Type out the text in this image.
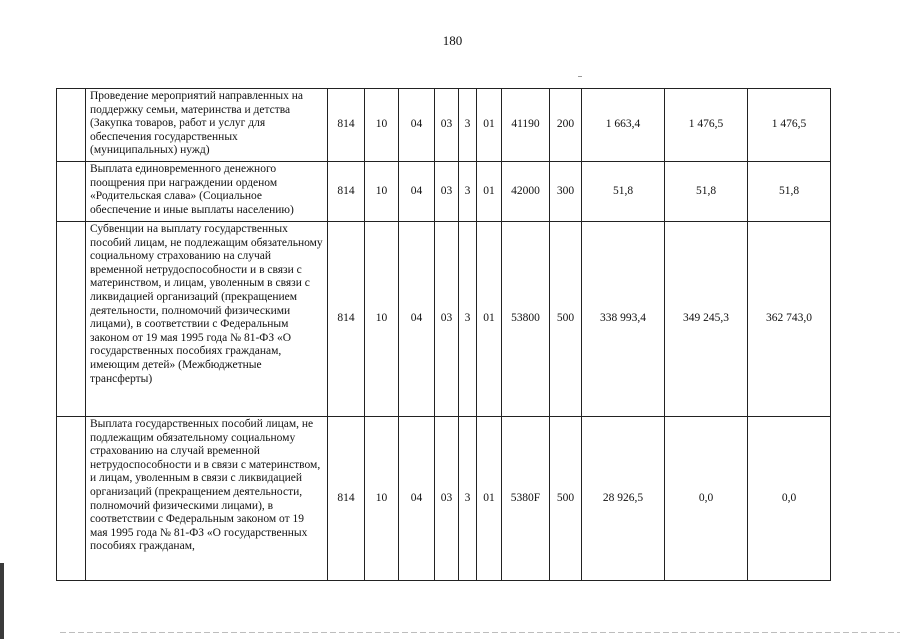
180
	Проведение мероприятий направленных на поддержку семьи, материнства и детства (Закупка товаров, работ и услуг для обеспечения государственных (муниципальных) нужд)	814	10	04	03	3	01	41190	200	1 663,4	1 476,5	1 476,5
	Выплата единовременного денежного поощрения при награждении орденом «Родительская слава» (Социальное обеспечение и иные выплаты населению)	814	10	04	03	3	01	42000	300	51,8	51,8	51,8
	Субвенции на выплату государственных пособий лицам, не подлежащим обязательному социальному страхованию на случай временной нетрудоспособности и в связи с материнством, и лицам, уволенным в связи с ликвидацией организаций (прекращением деятельности, полномочий физическими лицами), в соответствии с Федеральным законом от 19 мая 1995 года № 81-ФЗ «О государственных пособиях гражданам, имеющим детей» (Межбюджетные трансферты)	814	10	04	03	3	01	53800	500	338 993,4	349 245,3	362 743,0
	Выплата государственных пособий лицам, не подлежащим обязательному социальному страхованию на случай временной нетрудоспособности и в связи с материнством, и лицам, уволенным в связи с ликвидацией организаций (прекращением деятельности, полномочий физическими лицами), в соответствии с Федеральным законом от 19 мая 1995 года № 81-ФЗ «О государственных пособиях гражданам,	814	10	04	03	3	01	5380F	500	28 926,5	0,0	0,0
